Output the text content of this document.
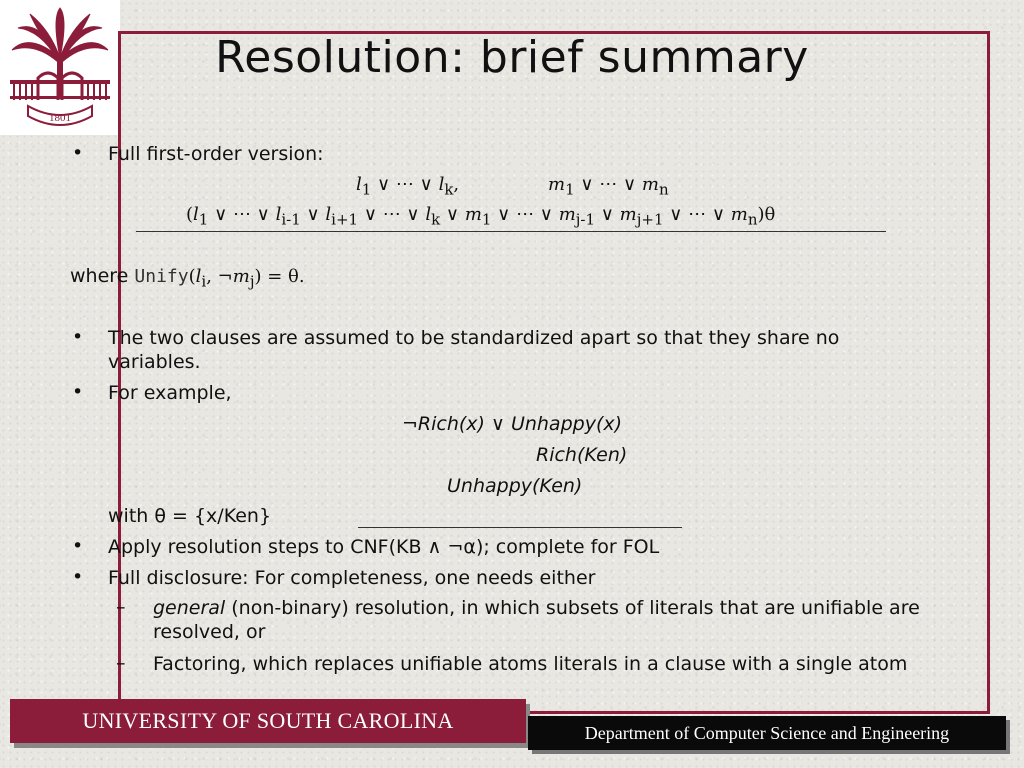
1801
Resolution: brief summary
• Full first-order version:
$l_1$ ∨ ⋯ ∨ $l_k$,	$m_1$ ∨ ⋯ ∨ $m_n$
($l_1$ ∨ ⋯ ∨ $l_{i-1}$ ∨ $l_{i+1}$ ∨ ⋯ ∨ $l_k$ ∨ $m_1$ ∨ ⋯ ∨ $m_{j-1}$ ∨ $m_{j+1}$ ∨ ⋯ ∨ $m_n)\theta$
where $Unify(l_i$, $\neg m_j) = \theta$.
• The two clauses are assumed to be standardized apart so that they share no
variables.
• For example,
¬Rich(x) ∨ Unhappy(x)
Rich(Ken)
Unhappy(Ken)
with θ = {x/Ken}
• Apply resolution steps to CNF(KB ∧ ¬α); complete for FOL
• Full disclosure: For completeness, one needs either
– general (non-binary) resolution, in which subsets of literals that are unifiable are
resolved, or
– Factoring, which replaces unifiable atoms literals in a clause with a single atom
UNIVERSITY OF SOUTH CAROLINA	Department of Computer Science and Engineering
